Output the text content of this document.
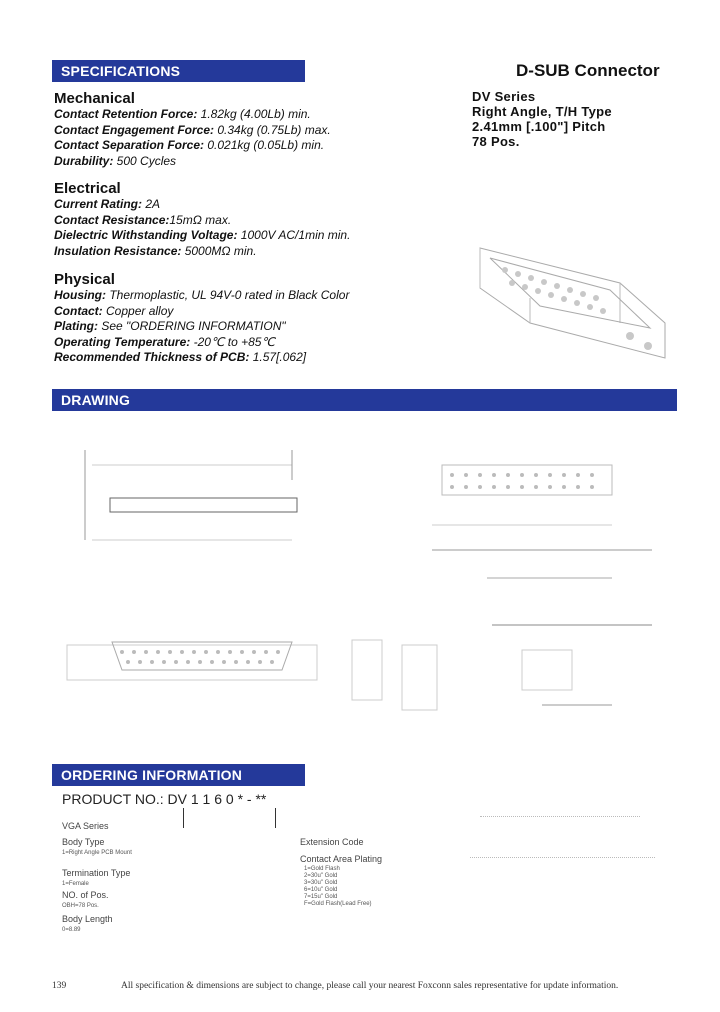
SPECIFICATIONS	D-SUB Connector
DV Series
Right Angle, T/H Type
2.41mm [.100"] Pitch
78 Pos.
Mechanical
Contact Retention Force: 1.82kg (4.00Lb) min.
Contact Engagement Force: 0.34kg (0.75Lb) max.
Contact Separation Force: 0.021kg (0.05Lb) min.
Durability: 500 Cycles
Electrical
Current Rating: 2A
Contact Resistance:15mΩ max.
Dielectric Withstanding Voltage: 1000V AC/1min min.
Insulation Resistance: 5000MΩ min.
Physical
Housing: Thermoplastic, UL 94V-0 rated in Black Color
Contact: Copper alloy
Plating: See "ORDERING INFORMATION"
Operating Temperature: -20℃ to +85℃
Recommended Thickness of PCB: 1.57[.062]
DRAWING
ORDERING INFORMATION
PRODUCT NO.: DV 1 1 6 0 * - **
VGA Series
Body Type
1=Right Angle PCB Mount
Termination Type
1=Female
NO. of Pos.
OBH=78 Pos.
Body Length
0=8.89
Extension Code
Contact Area Plating
1=Gold Flash
2=30u" Gold
3=30u" Gold
6=10u" Gold
7=15u" Gold
F=Gold Flash(Lead Free)
139	All specification & dimensions are subject to change, please call your nearest Foxconn sales representative for update information.
